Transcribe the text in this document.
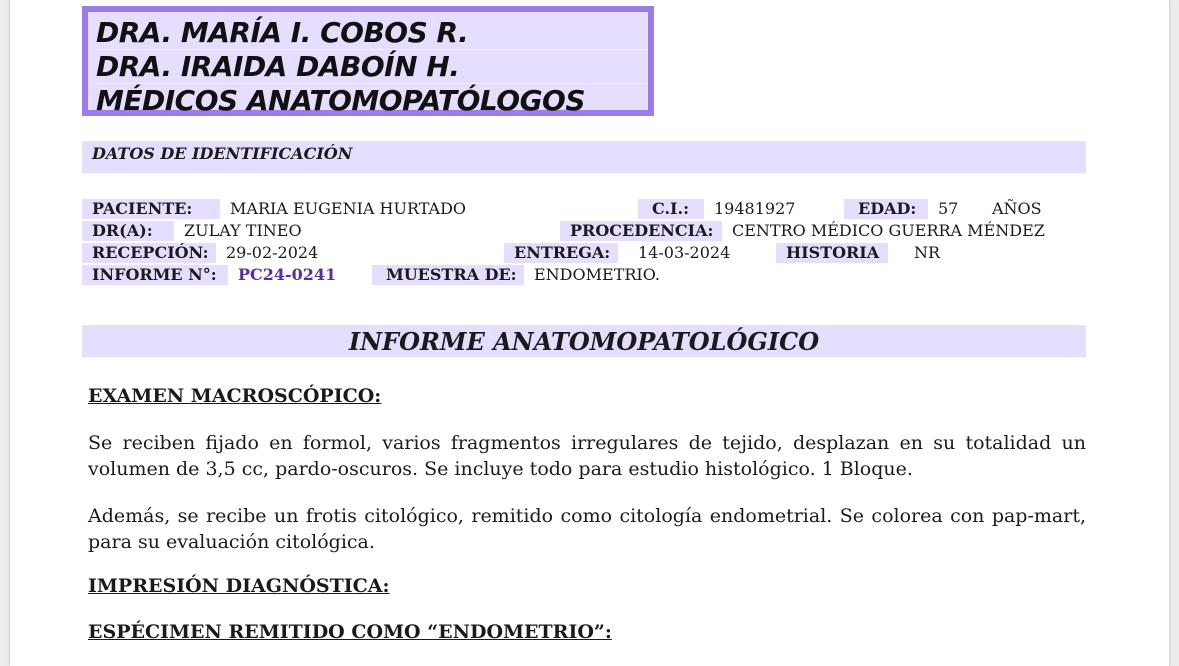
DRA. MARÍA I. COBOS R.
DRA. IRAIDA DABOÍN H.
MÉDICOS ANATOMOPATÓLOGOS
DATOS DE IDENTIFICACIÓN
PACIENTE:	MARIA EUGENIA HURTADO	C.I.:	19481927	EDAD:	57 AÑOS
DR(A):	ZULAY TINEO	PROCEDENCIA:	CENTRO MÉDICO GUERRA MÉNDEZ
RECEPCIÓN:	29-02-2024	ENTREGA:	14-03-2024	HISTORIA	NR
INFORME N°:	PC24-0241	MUESTRA DE:	ENDOMETRIO.
INFORME ANATOMOPATOLÓGICO
EXAMEN MACROSCÓPICO:
Se reciben fijado en formol, varios fragmentos irregulares de tejido, desplazan en su totalidad un volumen de 3,5 cc, pardo-oscuros. Se incluye todo para estudio histológico. 1 Bloque.
Además, se recibe un frotis citológico, remitido como citología endometrial. Se colorea con pap-mart, para su evaluación citológica.
IMPRESIÓN DIAGNÓSTICA:
ESPÉCIMEN REMITIDO COMO “ENDOMETRIO”:
